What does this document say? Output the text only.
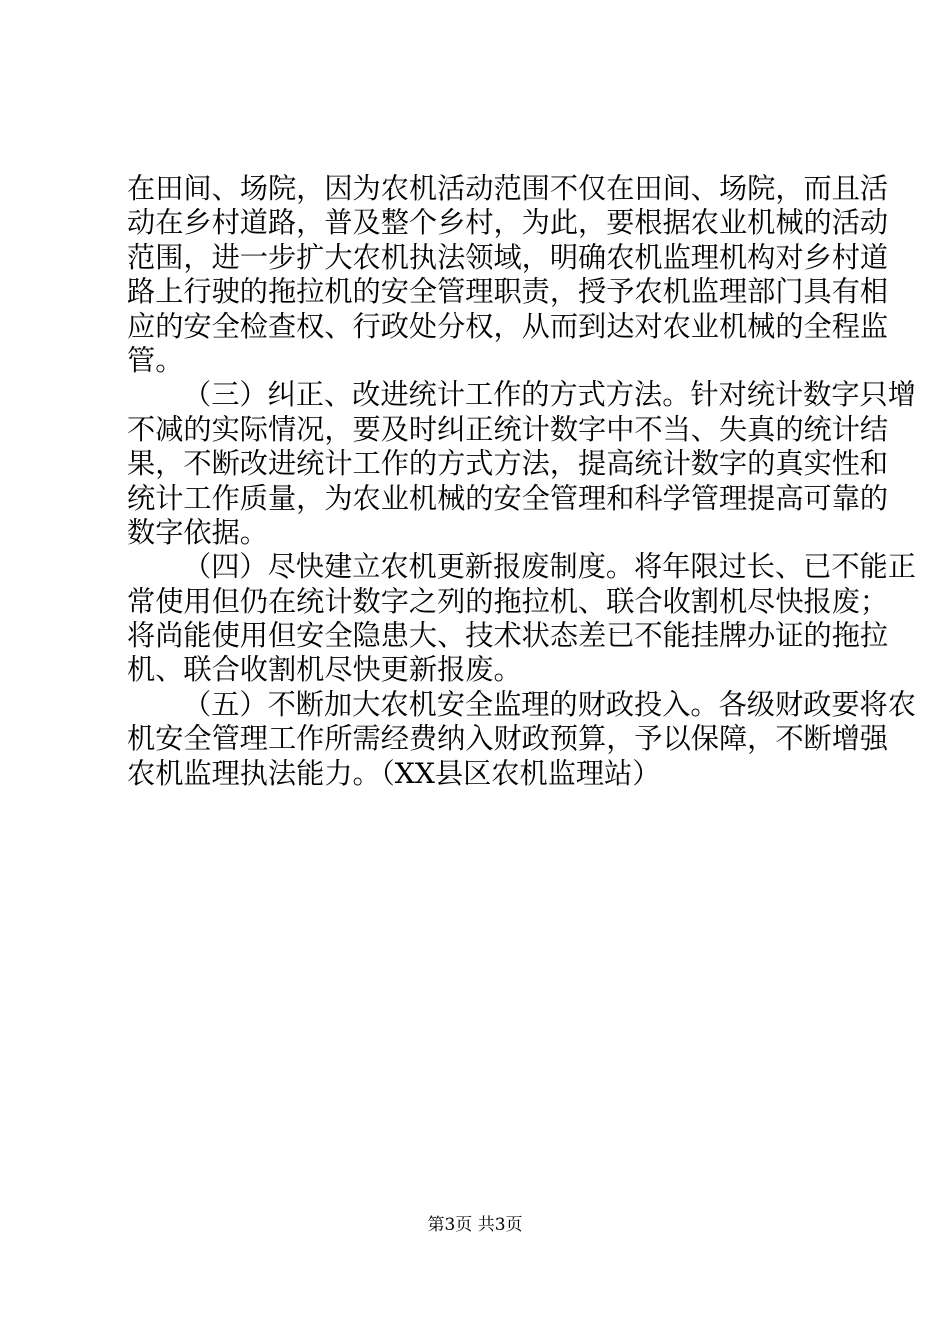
在田间、场院，因为农机活动范围不仅在田间、场院，而且活
动在乡村道路，普及整个乡村，为此，要根据农业机械的活动
范围，进一步扩大农机执法领域，明确农机监理机构对乡村道
路上行驶的拖拉机的安全管理职责，授予农机监理部门具有相
应的安全检查权、行政处分权，从而到达对农业机械的全程监
管。
（三）纠正、改进统计工作的方式方法。针对统计数字只增
不减的实际情况，要及时纠正统计数字中不当、失真的统计结
果，不断改进统计工作的方式方法，提高统计数字的真实性和
统计工作质量，为农业机械的安全管理和科学管理提高可靠的
数字依据。
（四）尽快建立农机更新报废制度。将年限过长、已不能正
常使用但仍在统计数字之列的拖拉机、联合收割机尽快报废；
将尚能使用但安全隐患大、技术状态差已不能挂牌办证的拖拉
机、联合收割机尽快更新报废。
（五）不断加大农机安全监理的财政投入。各级财政要将农
机安全管理工作所需经费纳入财政预算，予以保障，不断增强
农机监理执法能力。（XX县区农机监理站）
第3页 共3页
